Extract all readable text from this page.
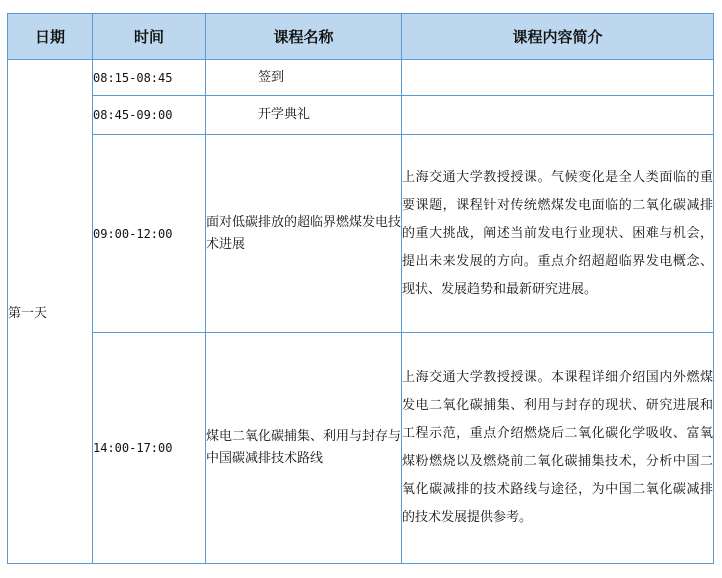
日期	时间	课程名称	课程内容简介
第一天	08:15-08:45	签到	
	08:45-09:00	开学典礼	
	09:00-12:00	面对低碳排放的超临界燃煤发电技术进展	上海交通大学教授授课。气候变化是全人类面临的重要课题，课程针对传统燃煤发电面临的二氧化碳减排的重大挑战，阐述当前发电行业现状、困难与机会，提出未来发展的方向。重点介绍超超临界发电概念、现状、发展趋势和最新研究进展。
	14:00-17:00	煤电二氧化碳捕集、利用与封存与中国碳减排技术路线	上海交通大学教授授课。本课程详细介绍国内外燃煤发电二氧化碳捕集、利用与封存的现状、研究进展和工程示范，重点介绍燃烧后二氧化碳化学吸收、富氧煤粉燃烧以及燃烧前二氧化碳捕集技术，分析中国二氧化碳减排的技术路线与途径，为中国二氧化碳减排的技术发展提供参考。
